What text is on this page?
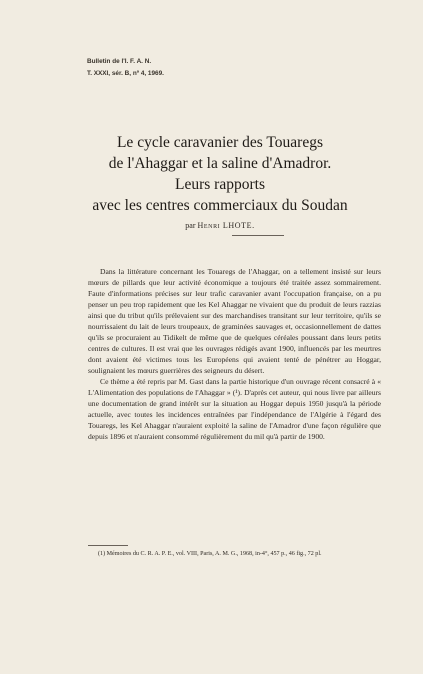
Bulletin de l'I. F. A. N.
T. XXXI, sér. B, nº 4, 1969.
Le cycle caravanier des Touaregs
de l'Ahaggar et la saline d'Amadror.
Leurs rapports
avec les centres commerciaux du Soudan
par Henri LHOTE.

Dans la littérature concernant les Touaregs de l'Ahaggar, on a tellement insisté sur leurs mœurs de pillards que leur activité économique a toujours été traitée assez sommairement. Faute d'informations précises sur leur trafic caravanier avant l'occupation française, on a pu penser un peu trop rapidement que les Kel Ahaggar ne vivaient que du produit de leurs razzias ainsi que du tribut qu'ils prélevaient sur des marchandises transitant sur leur territoire, qu'ils se nourrissaient du lait de leurs troupeaux, de graminées sauvages et, occasionnellement de dattes qu'ils se procuraient au Tidikelt de même que de quelques céréales poussant dans leurs petits centres de cultures. Il est vrai que les ouvrages rédigés avant 1900, influencés par les meurtres dont avaient été victimes tous les Européens qui avaient tenté de pénétrer au Hoggar, soulignaient les mœurs guerrières des seigneurs du désert.

Ce thème a été repris par M. Gast dans la partie historique d'un ouvrage récent consacré à « L'Alimentation des populations de l'Ahaggar » (¹). D'après cet auteur, qui nous livre par ailleurs une documentation de grand intérêt sur la situation au Hoggar depuis 1950 jusqu'à la période actuelle, avec toutes les incidences entraînées par l'indépendance de l'Algérie à l'égard des Touaregs, les Kel Ahaggar n'auraient exploité la saline de l'Amadror d'une façon régulière que depuis 1896 et n'auraient consommé régulièrement du mil qu'à partir de 1900.

(1) Mémoires du C. R. A. P. E., vol. VIII, Paris, A. M. G., 1968, in-4°, 457 p., 46 fig., 72 pl.
